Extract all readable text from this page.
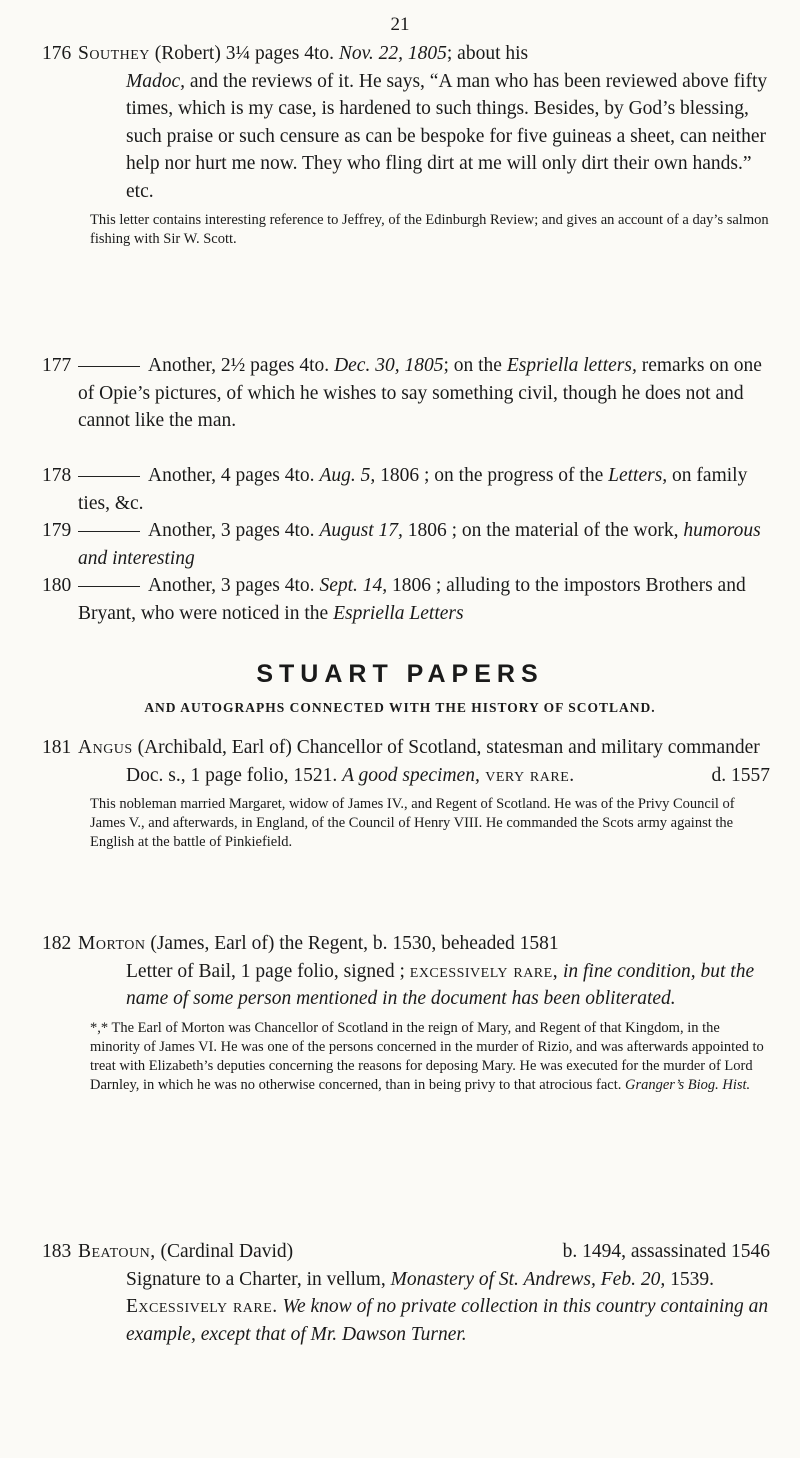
21
176 Southey (Robert) 3¼ pages 4to. Nov. 22, 1805; about his
Madoc, and the reviews of it. He says, “A man who has been reviewed above fifty times, which is my case, is hardened to such things. Besides, by God’s blessing, such praise or such censure as can be bespoke for five guineas a sheet, can neither help nor hurt me now. They who fling dirt at me will only dirt their own hands.” etc.
This letter contains interesting reference to Jeffrey, of the Edinburgh Review; and gives an account of a day’s salmon fishing with Sir W. Scott.
177	Another, 2½ pages 4to. Dec. 30, 1805; on the Espriella letters, remarks on one of Opie’s pictures, of which he wishes to say something civil, though he does not and cannot like the man.
178	Another, 4 pages 4to. Aug. 5, 1806 ; on the progress of the Letters, on family ties, &c.
179	Another, 3 pages 4to. August 17, 1806 ; on the material of the work, humorous and interesting
180	Another, 3 pages 4to. Sept. 14, 1806 ; alluding to the impostors Brothers and Bryant, who were noticed in the Espriella Letters
STUART PAPERS
AND AUTOGRAPHS CONNECTED WITH THE HISTORY OF SCOTLAND.
181 Angus (Archibald, Earl of) Chancellor of Scotland, statesman and military commander
d. 1557
Doc. s., 1 page folio, 1521. A good specimen, very rare.
This nobleman married Margaret, widow of James IV., and Regent of Scotland. He was of the Privy Council of James V., and afterwards, in England, of the Council of Henry VIII. He commanded the Scots army against the English at the battle of Pinkiefield.
182 Morton (James, Earl of) the Regent, b. 1530, beheaded 1581
Letter of Bail, 1 page folio, signed ; excessively rare, in fine condition, but the name of some person mentioned in the document has been obliterated.
*,* The Earl of Morton was Chancellor of Scotland in the reign of Mary, and Regent of that Kingdom, in the minority of James VI. He was one of the persons concerned in the murder of Rizio, and was afterwards appointed to treat with Elizabeth’s deputies concerning the reasons for deposing Mary. He was executed for the murder of Lord Darnley, in which he was no otherwise concerned, than in being privy to that atrocious fact. Granger’s Biog. Hist.
183 Beatoun, (Cardinal David)	b. 1494, assassinated 1546
Signature to a Charter, in vellum, Monastery of St. Andrews, Feb. 20, 1539. Excessively rare. We know of no private collection in this country containing an example, except that of Mr. Dawson Turner.
